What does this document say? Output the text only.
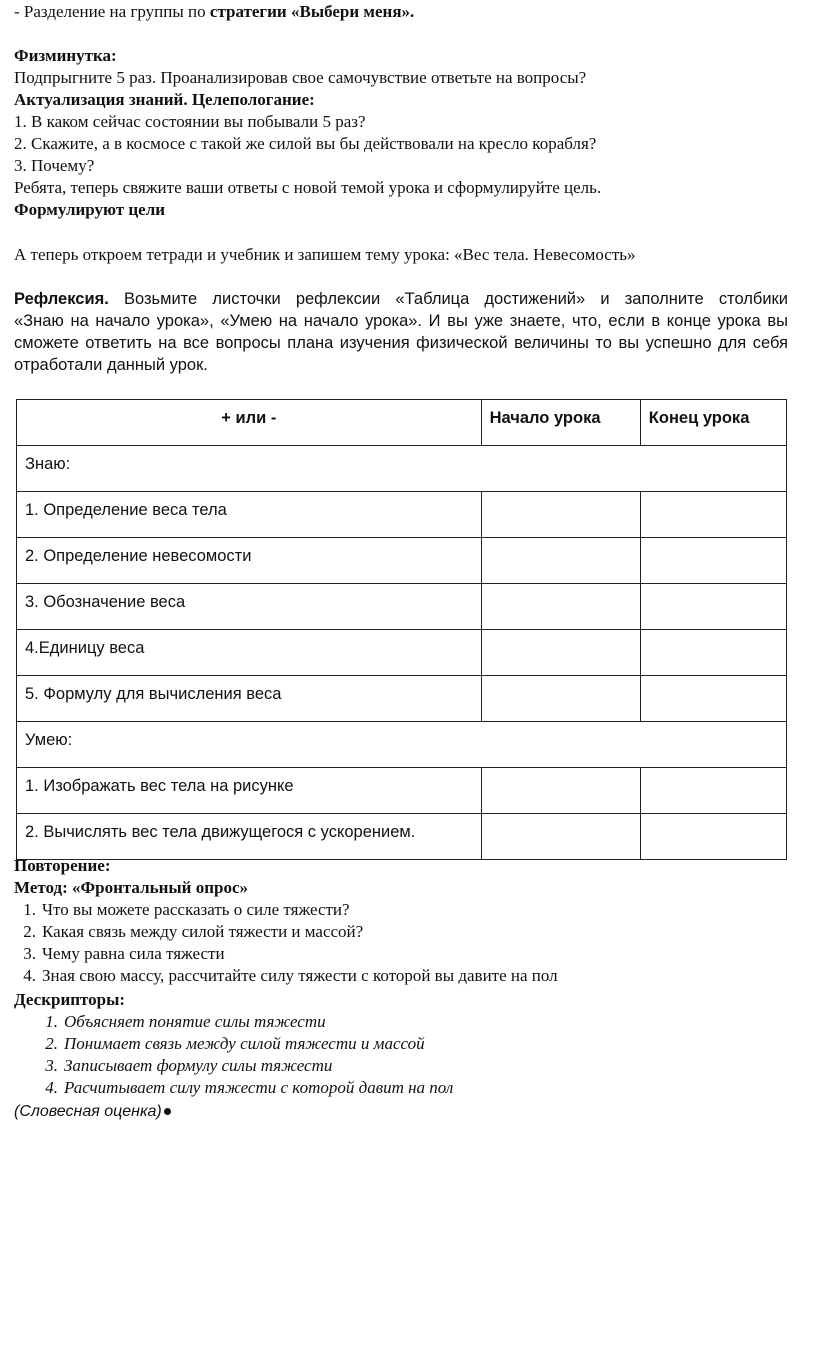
- Разделение на группы по стратегии «Выбери меня».
Физминутка:
Подпрыгните 5 раз. Проанализировав свое самочувствие ответьте на вопросы?
Актуализация знаний. Целепологание:
1. В каком сейчас состоянии вы побывали 5 раз?
2. Скажите, а в космосе с такой же силой вы бы действовали на кресло корабля?
3. Почему?
Ребята, теперь свяжите ваши ответы с новой темой урока и сформулируйте цель.
Формулируют цели
А теперь откроем тетради и учебник и запишем тему урока: «Вес тела. Невесомость»
Рефлексия. Возьмите листочки рефлексии «Таблица достижений» и заполните столбики
«Знаю на начало урока», «Умею на начало урока». И вы уже знаете, что, если в конце урока вы
сможете ответить на все вопросы плана изучения физической величины то вы успешно для себя
отработали данный урок.
+ или -	Начало урока	Конец урока

Знаю:		

1. Определение веса тела		

2. Определение невесомости		

3. Обозначение веса		

4.Единицу веса		

5. Формулу для вычисления веса		

Умею:		

1. Изображать вес тела на рисунке		

2. Вычислять вес тела движущегося с ускорением.		

Повторение:
Метод: «Фронтальный опрос»
1. Что вы можете рассказать о силе тяжести?
2. Какая связь между силой тяжести и массой?
3. Чему равна сила тяжести
4. Зная свою массу, рассчитайте силу тяжести с которой вы давите на пол
Дескрипторы:
1. Объясняет понятие силы тяжести
2. Понимает связь между силой тяжести и массой
3. Записывает формулу силы тяжести
4. Расчитывает силу тяжести с которой давит на пол
(Словесная оценка)
